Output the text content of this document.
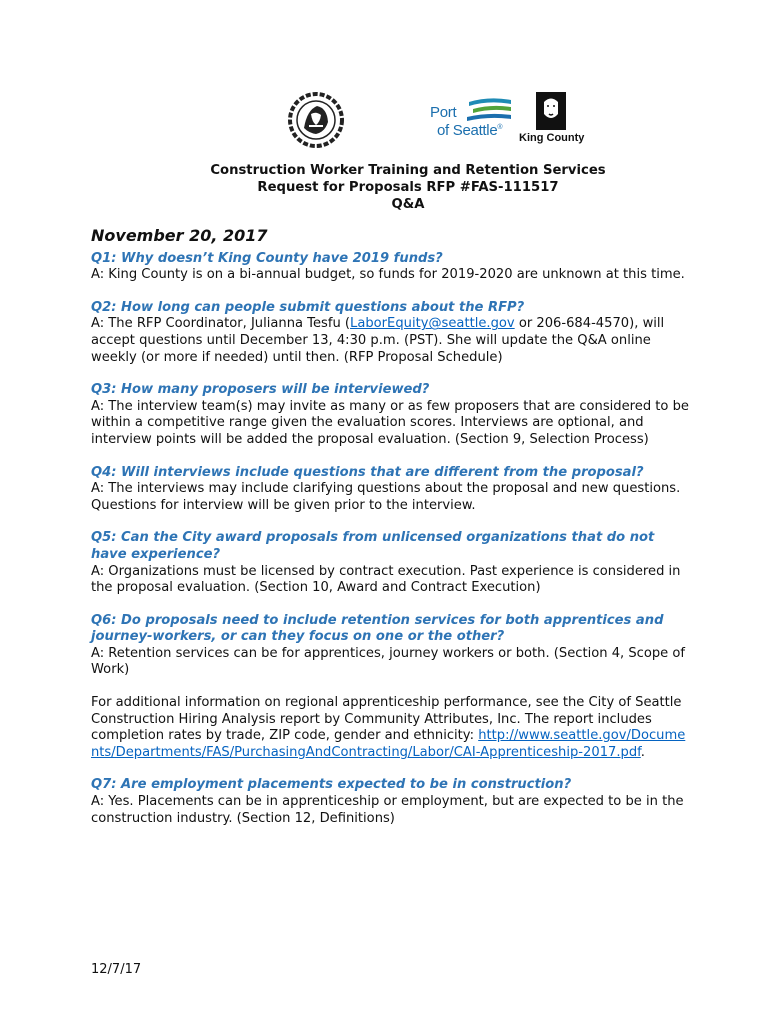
Port
of Seattle®
King County
Construction Worker Training and Retention Services
Request for Proposals RFP #FAS-111517
Q&A

November 20, 2017

Q1: Why doesn’t King County have 2019 funds?

A: King County is on a bi-annual budget, so funds for 2019-2020 are unknown at this time.

Q2: How long can people submit questions about the RFP?

A: The RFP Coordinator, Julianna Tesfu (LaborEquity@seattle.gov or 206-684-4570), will accept questions until December 13, 4:30 p.m. (PST). She will update the Q&A online weekly (or more if needed) until then. (RFP Proposal Schedule)

Q3: How many proposers will be interviewed?

A: The interview team(s) may invite as many or as few proposers that are considered to be within a competitive range given the evaluation scores. Interviews are optional, and interview points will be added the proposal evaluation. (Section 9, Selection Process)

Q4: Will interviews include questions that are different from the proposal?

A: The interviews may include clarifying questions about the proposal and new questions. Questions for interview will be given prior to the interview.

Q5: Can the City award proposals from unlicensed organizations that do not have experience?

A: Organizations must be licensed by contract execution. Past experience is considered in the proposal evaluation. (Section 10, Award and Contract Execution)

Q6: Do proposals need to include retention services for both apprentices and journey-workers, or can they focus on one or the other?

A: Retention services can be for apprentices, journey workers or both. (Section 4, Scope of Work)

For additional information on regional apprenticeship performance, see the City of Seattle Construction Hiring Analysis report by Community Attributes, Inc. The report includes completion rates by trade, ZIP code, gender and ethnicity: http://www.seattle.gov/Documents/Departments/FAS/PurchasingAndContracting/Labor/CAI-Apprenticeship-2017.pdf.

Q7: Are employment placements expected to be in construction?

A: Yes. Placements can be in apprenticeship or employment, but are expected to be in the construction industry. (Section 12, Definitions)

12/7/17
